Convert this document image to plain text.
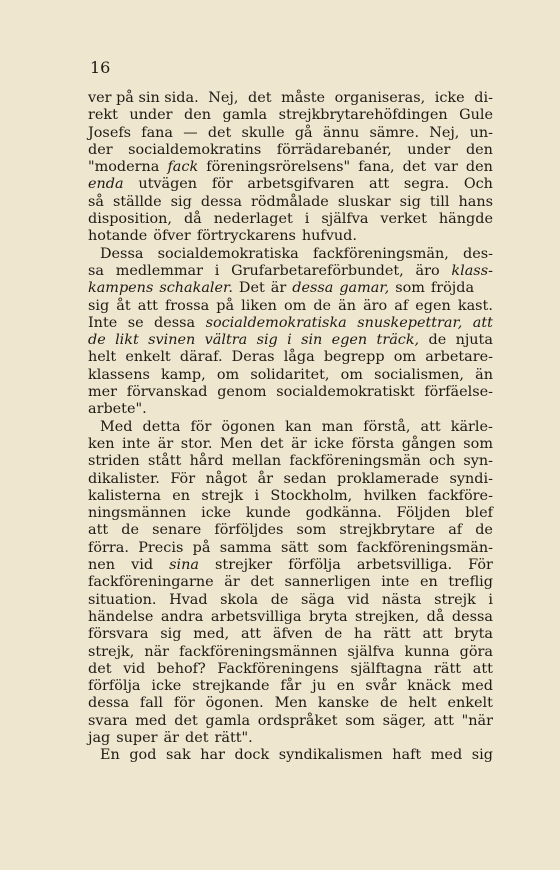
16
ver på sin sida. Nej, det måste organiseras, icke di-
rekt under den gamla strejkbrytarehöfdingen Gule
Josefs fana — det skulle gå ännu sämre. Nej, un-
der socialdemokratins förrädarebanér, under den
"moderna fack föreningsrörelsens" fana, det var den
enda utvägen för arbetsgifvaren att segra. Och
så ställde sig dessa rödmålade sluskar sig till hans
disposition, då nederlaget i själfva verket hängde
hotande öfver förtryckarens hufvud.
Dessa socialdemokratiska fackföreningsmän, des-
sa medlemmar i Grufarbetareförbundet, äro klass-
kampens schakaler. Det är dessa gamar, som fröjda
sig åt att frossa på liken om de än äro af egen kast.
Inte se dessa socialdemokratiska snuskepettrar, att
de likt svinen vältra sig i sin egen träck, de njuta
helt enkelt däraf. Deras låga begrepp om arbetare-
klassens kamp, om solidaritet, om socialismen, än
mer förvanskad genom socialdemokratiskt förfäelse-
arbete".
Med detta för ögonen kan man förstå, att kärle-
ken inte är stor. Men det är icke första gången som
striden stått hård mellan fackföreningsmän och syn-
dikalister. För något år sedan proklamerade syndi-
kalisterna en strejk i Stockholm, hvilken fackföre-
ningsmännen icke kunde godkänna. Följden blef
att de senare förföljdes som strejkbrytare af de
förra. Precis på samma sätt som fackföreningsmän-
nen vid sina strejker förfölja arbetsvilliga. För
fackföreningarne är det sannerligen inte en treflig
situation. Hvad skola de säga vid nästa strejk i
händelse andra arbetsvilliga bryta strejken, då dessa
försvara sig med, att äfven de ha rätt att bryta
strejk, när fackföreningsmännen själfva kunna göra
det vid behof? Fackföreningens själftagna rätt att
förfölja icke strejkande får ju en svår knäck med
dessa fall för ögonen. Men kanske de helt enkelt
svara med det gamla ordspråket som säger, att "när
jag super är det rätt".
En god sak har dock syndikalismen haft med sig
